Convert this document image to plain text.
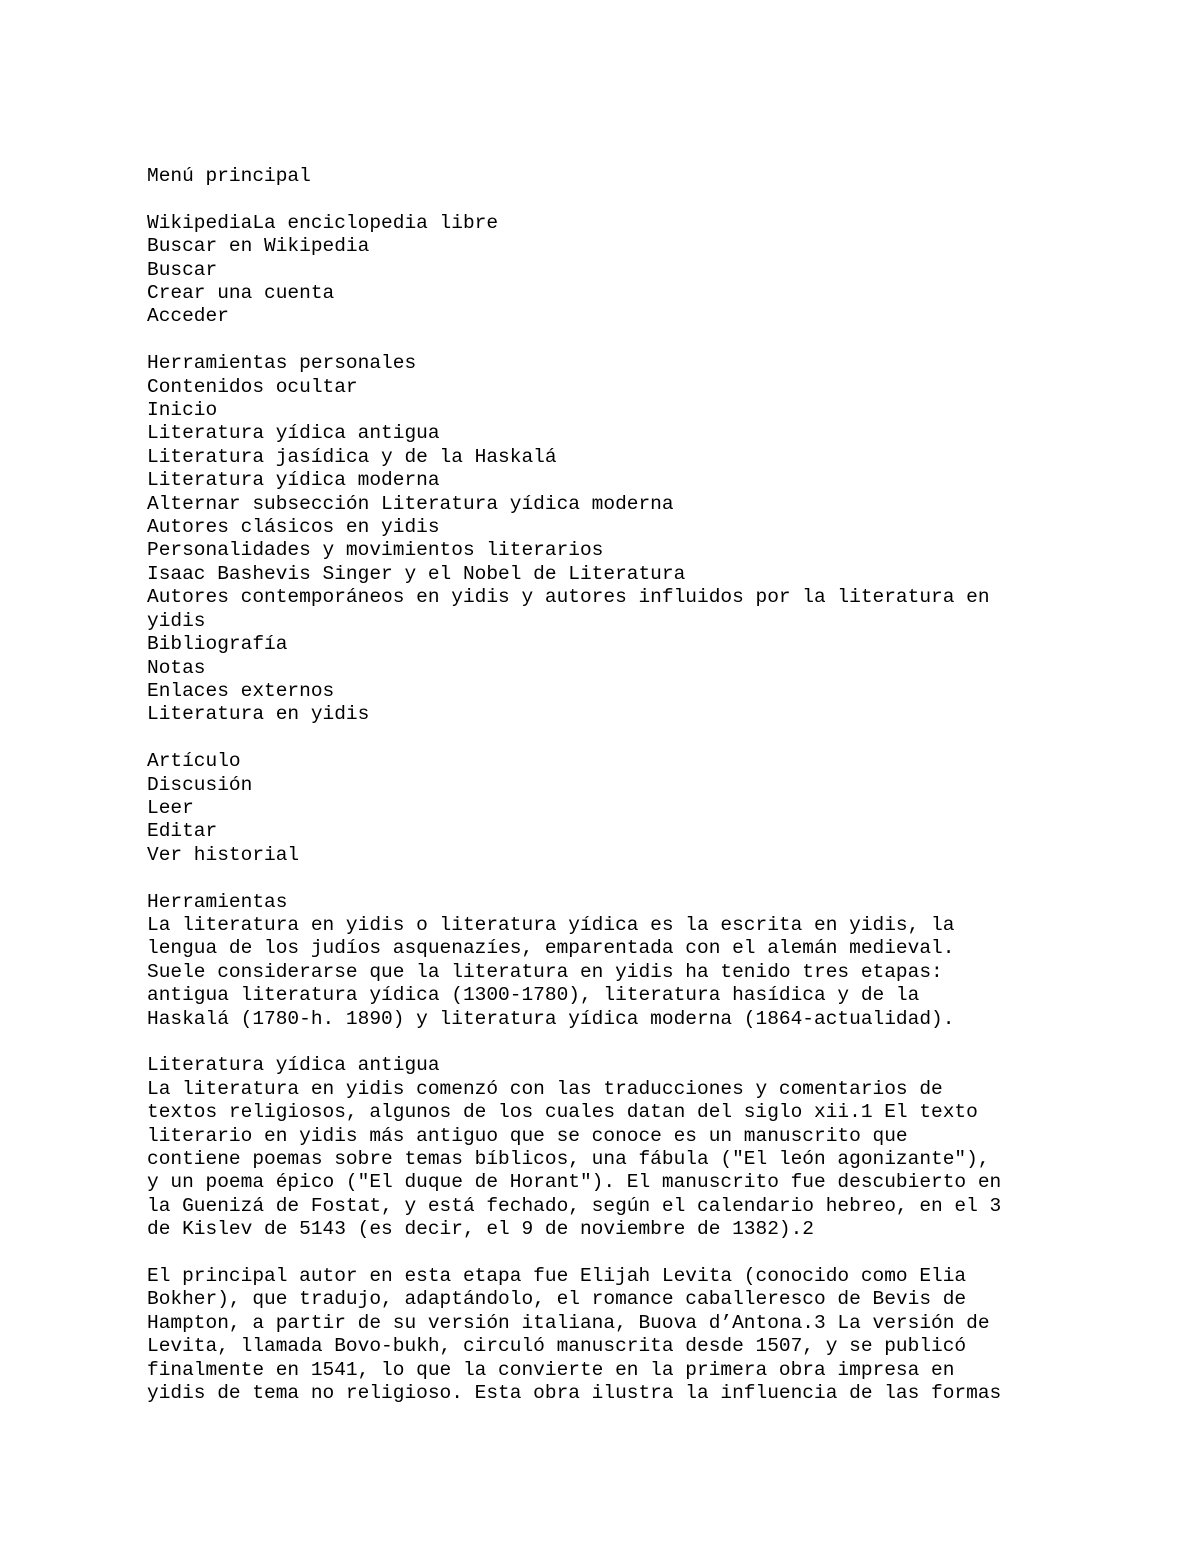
Menú principal
WikipediaLa enciclopedia libre
Buscar en Wikipedia
Buscar
Crear una cuenta
Acceder
Herramientas personales
Contenidos ocultar
Inicio
Literatura yídica antigua
Literatura jasídica y de la Haskalá
Literatura yídica moderna
Alternar subsección Literatura yídica moderna
Autores clásicos en yidis
Personalidades y movimientos literarios
Isaac Bashevis Singer y el Nobel de Literatura
Autores contemporáneos en yidis y autores influidos por la literatura en
yidis
Bibliografía
Notas
Enlaces externos
Literatura en yidis
Artículo
Discusión
Leer
Editar
Ver historial
Herramientas
La literatura en yidis o literatura yídica es la escrita en yidis, la
lengua de los judíos asquenazíes, emparentada con el alemán medieval.
Suele considerarse que la literatura en yidis ha tenido tres etapas:
antigua literatura yídica (1300-1780), literatura hasídica y de la
Haskalá (1780-h. 1890) y literatura yídica moderna (1864-actualidad).
Literatura yídica antigua
La literatura en yidis comenzó con las traducciones y comentarios de
textos religiosos, algunos de los cuales datan del siglo xii.1 El texto
literario en yidis más antiguo que se conoce es un manuscrito que
contiene poemas sobre temas bíblicos, una fábula ("El león agonizante"),
y un poema épico ("El duque de Horant"). El manuscrito fue descubierto en
la Guenizá de Fostat, y está fechado, según el calendario hebreo, en el 3
de Kislev de 5143 (es decir, el 9 de noviembre de 1382).2
El principal autor en esta etapa fue Elijah Levita (conocido como Elia
Bokher), que tradujo, adaptándolo, el romance caballeresco de Bevis de
Hampton, a partir de su versión italiana, Buova d’Antona.3 La versión de
Levita, llamada Bovo-bukh, circuló manuscrita desde 1507, y se publicó
finalmente en 1541, lo que la convierte en la primera obra impresa en
yidis de tema no religioso. Esta obra ilustra la influencia de las formas
